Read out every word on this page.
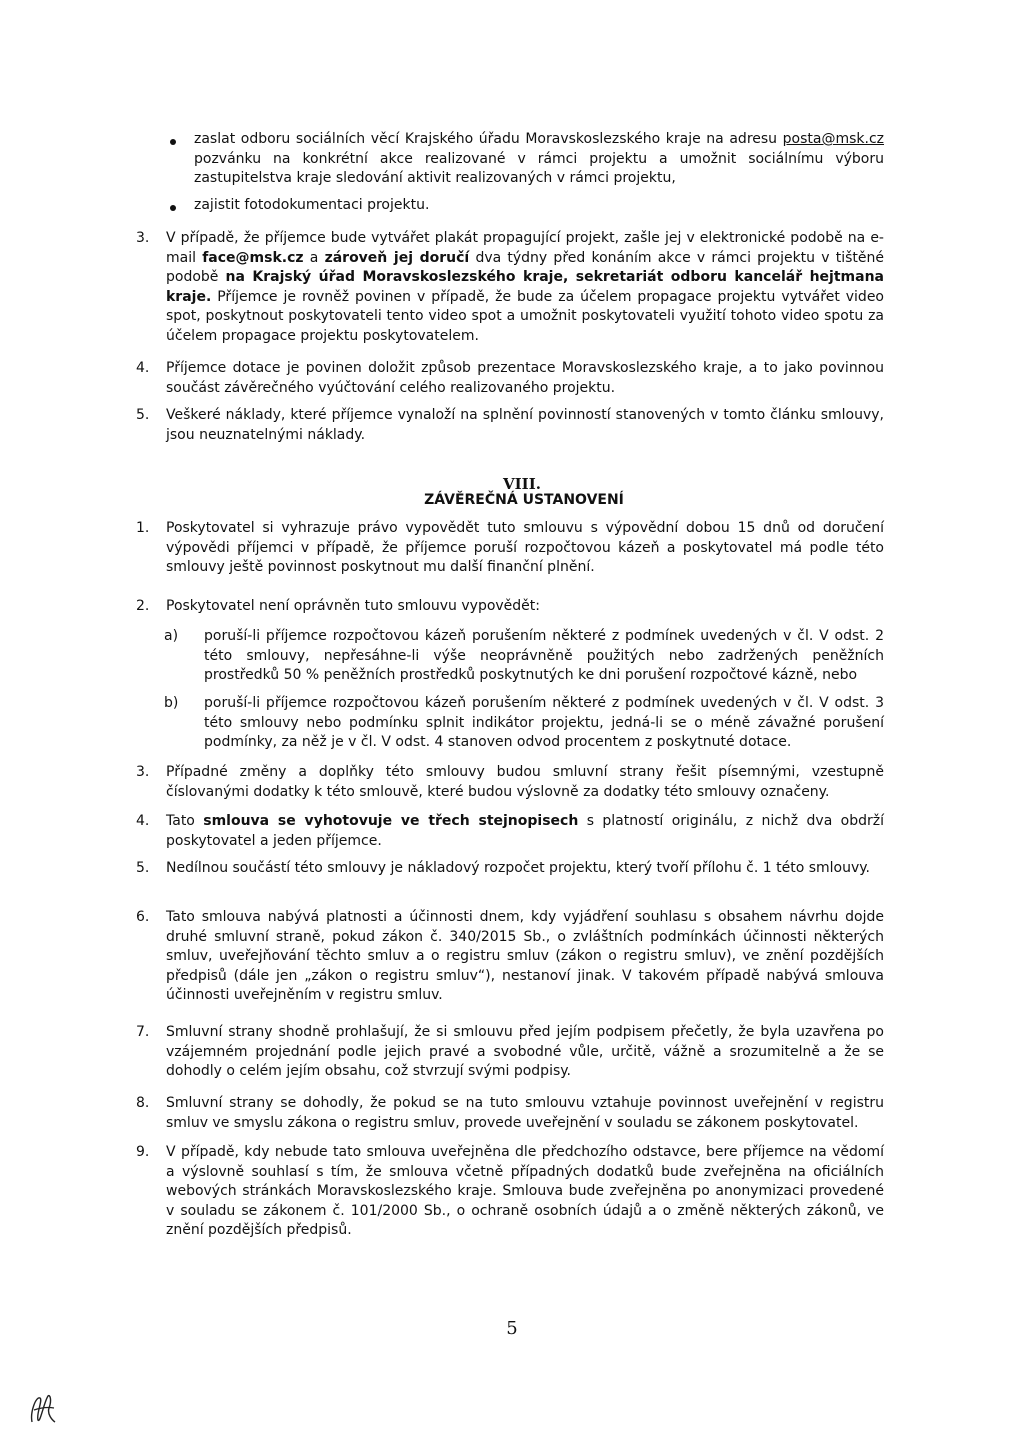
zaslat odboru sociálních věcí Krajského úřadu Moravskoslezského kraje na adresu posta@msk.cz pozvánku na konkrétní akce realizované v rámci projektu a umožnit sociálnímu výboru zastupitelstva kraje sledování aktivit realizovaných v rámci projektu,

zajistit fotodokumentaci projektu.

3. V případě, že příjemce bude vytvářet plakát propagující projekt, zašle jej v elektronické podobě na e-mail face@msk.cz a zároveň jej doručí dva týdny před konáním akce v rámci projektu v tištěné podobě na Krajský úřad Moravskoslezského kraje, sekretariát odboru kancelář hejtmana kraje. Příjemce je rovněž povinen v případě, že bude za účelem propagace projektu vytvářet video spot, poskytnout poskytovateli tento video spot a umožnit poskytovateli využití tohoto video spotu za účelem propagace projektu poskytovatelem.

4. Příjemce dotace je povinen doložit způsob prezentace Moravskoslezského kraje, a to jako povinnou součást závěrečného vyúčtování celého realizovaného projektu.

5. Veškeré náklady, které příjemce vynaloží na splnění povinností stanovených v tomto článku smlouvy, jsou neuznatelnými náklady.

VIII.
ZÁVĚREČNÁ USTANOVENÍ
1. Poskytovatel si vyhrazuje právo vypovědět tuto smlouvu s výpovědní dobou 15 dnů od doručení výpovědi příjemci v případě, že příjemce poruší rozpočtovou kázeň a poskytovatel má podle této smlouvy ještě povinnost poskytnout mu další finanční plnění.

2. Poskytovatel není oprávněn tuto smlouvu vypovědět:

a) poruší-li příjemce rozpočtovou kázeň porušením některé z podmínek uvedených v čl. V odst. 2 této smlouvy, nepřesáhne-li výše neoprávněně použitých nebo zadržených peněžních prostředků 50 % peněžních prostředků poskytnutých ke dni porušení rozpočtové kázně, nebo

b) poruší-li příjemce rozpočtovou kázeň porušením některé z podmínek uvedených v čl. V odst. 3 této smlouvy nebo podmínku splnit indikátor projektu, jedná-li se o méně závažné porušení podmínky, za něž je v čl. V odst. 4 stanoven odvod procentem z poskytnuté dotace.

3. Případné změny a doplňky této smlouvy budou smluvní strany řešit písemnými, vzestupně číslovanými dodatky k této smlouvě, které budou výslovně za dodatky této smlouvy označeny.

4. Tato smlouva se vyhotovuje ve třech stejnopisech s platností originálu, z nichž dva obdrží poskytovatel a jeden příjemce.

5. Nedílnou součástí této smlouvy je nákladový rozpočet projektu, který tvoří přílohu č. 1 této smlouvy.

6. Tato smlouva nabývá platnosti a účinnosti dnem, kdy vyjádření souhlasu s obsahem návrhu dojde druhé smluvní straně, pokud zákon č. 340/2015 Sb., o zvláštních podmínkách účinnosti některých smluv, uveřejňování těchto smluv a o registru smluv (zákon o registru smluv), ve znění pozdějších předpisů (dále jen „zákon o registru smluv“), nestanoví jinak. V takovém případě nabývá smlouva účinnosti uveřejněním v registru smluv.

7. Smluvní strany shodně prohlašují, že si smlouvu před jejím podpisem přečetly, že byla uzavřena po vzájemném projednání podle jejich pravé a svobodné vůle, určitě, vážně a srozumitelně a že se dohodly o celém jejím obsahu, což stvrzují svými podpisy.

8. Smluvní strany se dohodly, že pokud se na tuto smlouvu vztahuje povinnost uveřejnění v registru smluv ve smyslu zákona o registru smluv, provede uveřejnění v souladu se zákonem poskytovatel.

9. V případě, kdy nebude tato smlouva uveřejněna dle předchozího odstavce, bere příjemce na vědomí a výslovně souhlasí s tím, že smlouva včetně případných dodatků bude zveřejněna na oficiálních webových stránkách Moravskoslezského kraje. Smlouva bude zveřejněna po anonymizaci provedené v souladu se zákonem č. 101/2000 Sb., o ochraně osobních údajů a o změně některých zákonů, ve znění pozdějších předpisů.

5
